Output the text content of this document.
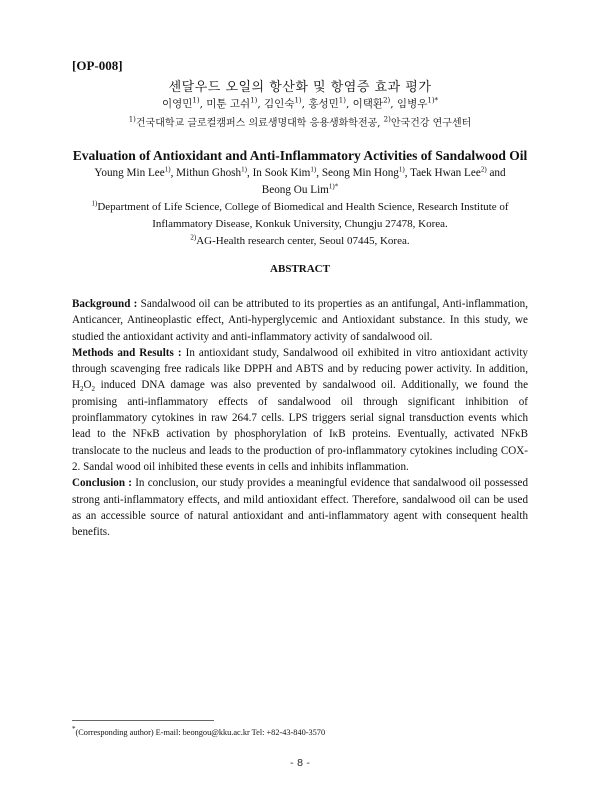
[OP-008]
센달우드 오일의 항산화 및 항염증 효과 평가
이영민$^{1)}$, 미툰 고쉬$^{1)}$, 김인숙$^{1)}$, 홍성민$^{1)}$, 이택환$^{2)}$, 임병우$^{1)*}$
$^{1)}$건국대학교 글로컬캠퍼스 의료생명대학 응용생화학전공, $^{2)}$안국건강 연구센터
Evaluation of Antioxidant and Anti-Inflammatory Activities of Sandalwood Oil
Young Min Lee$^{1)}$, Mithun Ghosh$^{1)}$, In Sook Kim$^{1)}$, Seong Min Hong$^{1)}$, Taek Hwan Lee$^{2)}$ and
Beong Ou Lim$^{1)*}$
$^{1)}$Department of Life Science, College of Biomedical and Health Science, Research Institute of Inflammatory Disease, Konkuk University, Chungju 27478, Korea.
$^{2)}$AG-Health research center, Seoul 07445, Korea.
ABSTRACT

Background : Sandalwood oil can be attributed to its properties as an antifungal, Anti-inflammation, Anticancer, Antineoplastic effect, Anti-hyperglycemic and Antioxidant substance. In this study, we studied the antioxidant activity and anti-inflammatory activity of sandalwood oil.

Methods and Results : In antioxidant study, Sandalwood oil exhibited in vitro antioxidant activity through scavenging free radicals like DPPH and ABTS and by reducing power activity. In addition, $H_2O_2$ induced DNA damage was also prevented by sandalwood oil. Additionally, we found the promising anti-inflammatory effects of sandalwood oil through significant inhibition of proinflammatory cytokines in raw 264.7 cells. LPS triggers serial signal transduction events which lead to the NFκB activation by phosphorylation of IκB proteins. Eventually, activated NFκB translocate to the nucleus and leads to the production of pro-inflammatory cytokines including COX-2. Sandal wood oil inhibited these events in cells and inhibits inflammation.

Conclusion : In conclusion, our study provides a meaningful evidence that sandalwood oil possessed strong anti-inflammatory effects, and mild antioxidant effect. Therefore, sandalwood oil can be used as an accessible source of natural antioxidant and anti-inflammatory agent with consequent health benefits.

*(Corresponding author) E-mail: beongou@kku.ac.kr Tel: +82-43-840-3570
- 8 -
